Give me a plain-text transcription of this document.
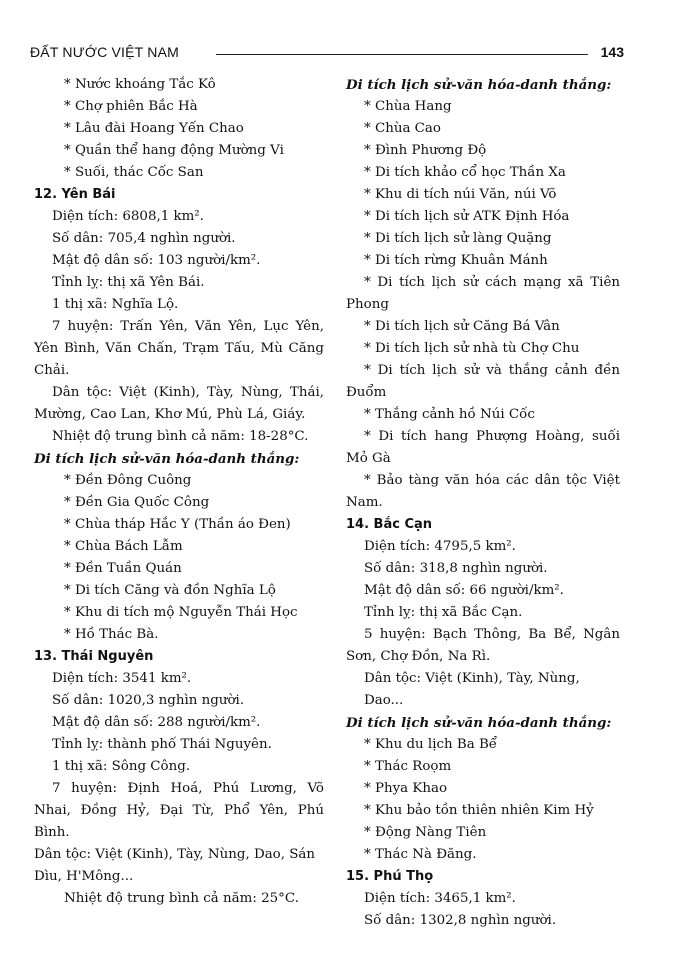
ĐẤT NƯỚC VIỆT NAM	143

* Nước khoáng Tắc Kô

* Chợ phiên Bắc Hà

* Lâu đài Hoang Yến Chao

* Quần thể hang động Mường Vi

* Suối, thác Cốc San

12. Yên Bái

Diện tích: 6808,1 km².

Số dân: 705,4 nghìn người.

Mật độ dân số: 103 người/km².

Tỉnh lỵ: thị xã Yên Bái.

1 thị xã: Nghĩa Lộ.

7 huyện: Trấn Yên, Văn Yên, Lục Yên, Yên Bình, Văn Chấn, Trạm Tấu, Mù Căng Chải.

Dân tộc: Việt (Kinh), Tày, Nùng, Thái, Mường, Cao Lan, Khơ Mú, Phù Lá, Giáy.

Nhiệt độ trung bình cả năm: 18-28°C.

Di tích lịch sử-văn hóa-danh thắng:

* Đền Đông Cuông

* Đền Gia Quốc Công

* Chùa tháp Hắc Y (Thần áo Đen)

* Chùa Bách Lẫm

* Đền Tuần Quán

* Di tích Căng và đồn Nghĩa Lộ

* Khu di tích mộ Nguyễn Thái Học

* Hồ Thác Bà.

13. Thái Nguyên

Diện tích: 3541 km².

Số dân: 1020,3 nghìn người.

Mật độ dân số: 288 người/km².

Tỉnh lỵ: thành phố Thái Nguyên.

1 thị xã: Sông Công.

7 huyện: Định Hoá, Phú Lương, Võ Nhai, Đồng Hỷ, Đại Từ, Phổ Yên, Phú Bình.

Dân tộc: Việt (Kinh), Tày, Nùng, Dao, Sán Dìu, H'Mông...

Nhiệt độ trung bình cả năm: 25°C.

Di tích lịch sử-văn hóa-danh thắng:

* Chùa Hang

* Chùa Cao

* Đình Phương Độ

* Di tích khảo cổ học Thần Xa

* Khu di tích núi Văn, núi Võ

* Di tích lịch sử ATK Định Hóa

* Di tích lịch sử làng Quặng

* Di tích rừng Khuân Mánh

* Di tích lịch sử cách mạng xã Tiên Phong

* Di tích lịch sử Căng Bá Vân

* Di tích lịch sử nhà tù Chợ Chu

* Di tích lịch sử và thắng cảnh đền Đuổm

* Thắng cảnh hồ Núi Cốc

* Di tích hang Phượng Hoàng, suối Mỏ Gà

* Bảo tàng văn hóa các dân tộc Việt Nam.

14. Bắc Cạn

Diện tích: 4795,5 km².

Số dân: 318,8 nghìn người.

Mật độ dân số: 66 người/km².

Tỉnh lỵ: thị xã Bắc Cạn.

5 huyện: Bạch Thông, Ba Bể, Ngân Sơn, Chợ Đồn, Na Rì.

Dân tộc: Việt (Kinh), Tày, Nùng, Dao...

Di tích lịch sử-văn hóa-danh thắng:

* Khu du lịch Ba Bể

* Thác Roọm

* Phya Khao

* Khu bảo tồn thiên nhiên Kim Hỷ

* Động Nàng Tiên

* Thác Nà Đăng.

15. Phú Thọ

Diện tích: 3465,1 km².

Số dân: 1302,8 nghìn người.
